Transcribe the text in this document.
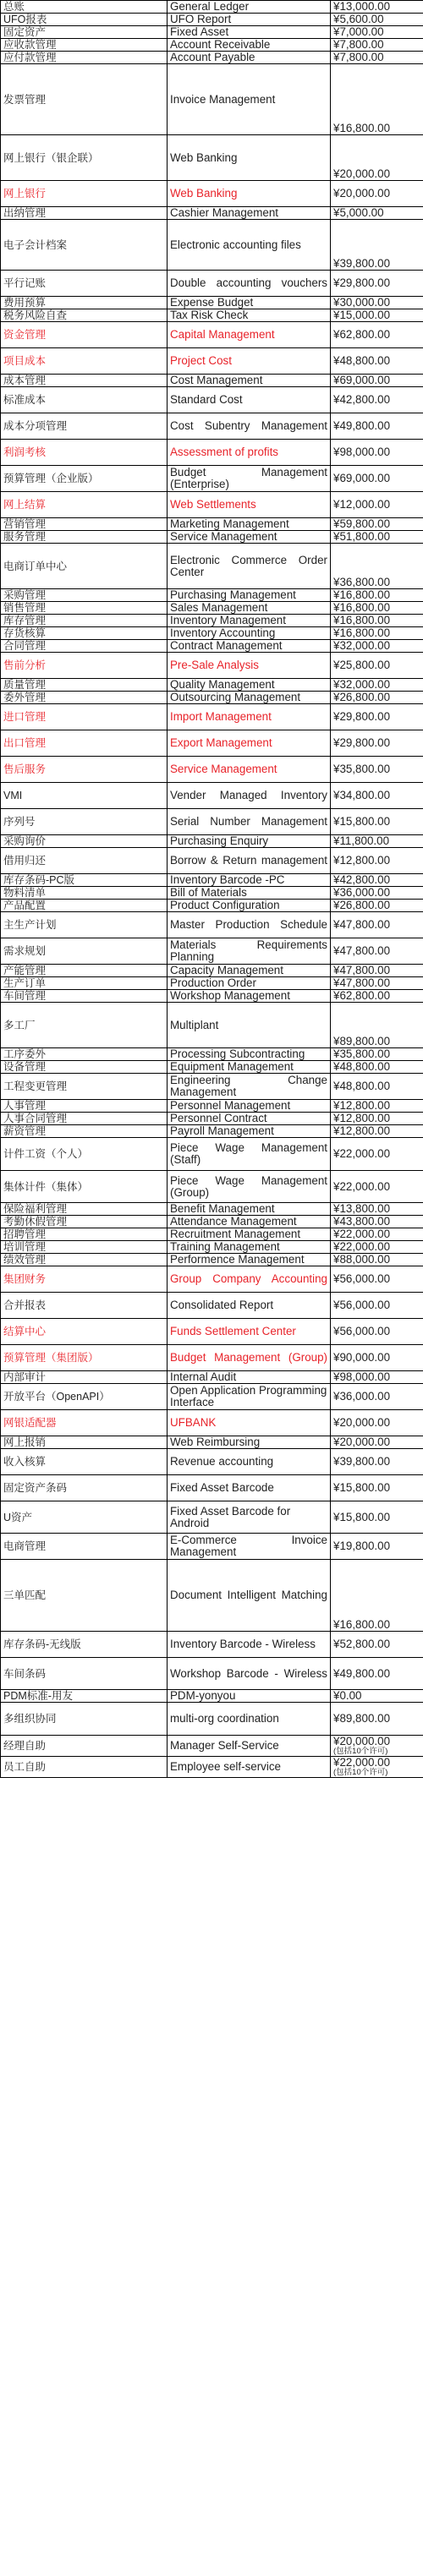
总账	General Ledger	¥13,000.00
UFO报表	UFO Report	¥5,600.00
固定资产	Fixed Asset	¥7,000.00
应收款管理	Account Receivable	¥7,800.00
应付款管理	Account Payable	¥7,800.00
发票管理	Invoice Management	¥16,800.00
网上银行（银企联）	Web Banking	¥20,000.00
网上银行	Web Banking	¥20,000.00
出纳管理	Cashier Management	¥5,000.00
电子会计档案	Electronic accounting files	¥39,800.00
平行记账	Double accounting vouchers	¥29,800.00
费用预算	Expense Budget	¥30,000.00
税务风险自查	Tax Risk Check	¥15,000.00
资金管理	Capital Management	¥62,800.00
项目成本	Project Cost	¥48,800.00
成本管理	Cost Management	¥69,000.00
标准成本	Standard Cost	¥42,800.00
成本分项管理	Cost Subentry Management	¥49,800.00
利润考核	Assessment of profits	¥98,000.00
预算管理（企业版）	Budget Management (Enterprise)	¥69,000.00
网上结算	Web Settlements	¥12,000.00
营销管理	Marketing Management	¥59,800.00
服务管理	Service Management	¥51,800.00
电商订单中心	Electronic Commerce Order Center	¥36,800.00
采购管理	Purchasing Management	¥16,800.00
销售管理	Sales Management	¥16,800.00
库存管理	Inventory Management	¥16,800.00
存货核算	Inventory Accounting	¥16,800.00
合同管理	Contract Management	¥32,000.00
售前分析	Pre-Sale Analysis	¥25,800.00
质量管理	Quality Management	¥32,000.00
委外管理	Outsourcing Management	¥26,800.00
进口管理	Import Management	¥29,800.00
出口管理	Export Management	¥29,800.00
售后服务	Service Management	¥35,800.00
VMI	Vender Managed Inventory	¥34,800.00
序列号	Serial Number Management	¥15,800.00
采购询价	Purchasing Enquiry	¥11,800.00
借用归还	Borrow & Return management	¥12,800.00
库存条码-PC版	Inventory Barcode -PC	¥42,800.00
物料清单	Bill of Materials	¥36,000.00
产品配置	Product Configuration	¥26,800.00
主生产计划	Master Production Schedule	¥47,800.00
需求规划	Materials Requirements Planning	¥47,800.00
产能管理	Capacity Management	¥47,800.00
生产订单	Production Order	¥47,800.00
车间管理	Workshop Management	¥62,800.00
多工厂	Multiplant	¥89,800.00
工序委外	Processing Subcontracting	¥35,800.00
设备管理	Equipment Management	¥48,800.00
工程变更管理	Engineering Change Management	¥48,800.00
人事管理	Personnel Management	¥12,800.00
人事合同管理	Personnel Contract	¥12,800.00
薪资管理	Payroll Management	¥12,800.00
计件工资（个人）	Piece Wage Management (Staff)	¥22,000.00
集体计件（集体）	Piece Wage Management (Group)	¥22,000.00
保险福利管理	Benefit Management	¥13,800.00
考勤休假管理	Attendance Management	¥43,800.00
招聘管理	Recruitment Management	¥22,000.00
培训管理	Training Management	¥22,000.00
绩效管理	Performence Management	¥88,000.00
集团财务	Group Company Accounting	¥56,000.00
合并报表	Consolidated Report	¥56,000.00
结算中心	Funds Settlement Center	¥56,000.00
预算管理（集团版）	Budget Management (Group)	¥90,000.00
内部审计	Internal Audit	¥98,000.00
开放平台（OpenAPI）	Open Application Programming Interface	¥36,000.00
网银适配器	UFBANK	¥20,000.00
网上报销	Web Reimbursing	¥20,000.00
收入核算	Revenue accounting	¥39,800.00
固定资产条码	Fixed Asset Barcode	¥15,800.00
U资产	Fixed Asset Barcode for Android	¥15,800.00
电商管理	E-Commerce Invoice Management	¥19,800.00
三单匹配	Document Intelligent Matching	¥16,800.00
库存条码-无线版	Inventory Barcode - Wireless	¥52,800.00
车间条码	Workshop Barcode - Wireless	¥49,800.00
PDM标准-用友	PDM-yonyou	¥0.00
多组织协同	multi-org coordination	¥89,800.00
经理自助	Manager Self-Service	¥20,000.00
(包括10个许可)

员工自助	Employee self-service	¥22,000.00
(包括10个许可)
